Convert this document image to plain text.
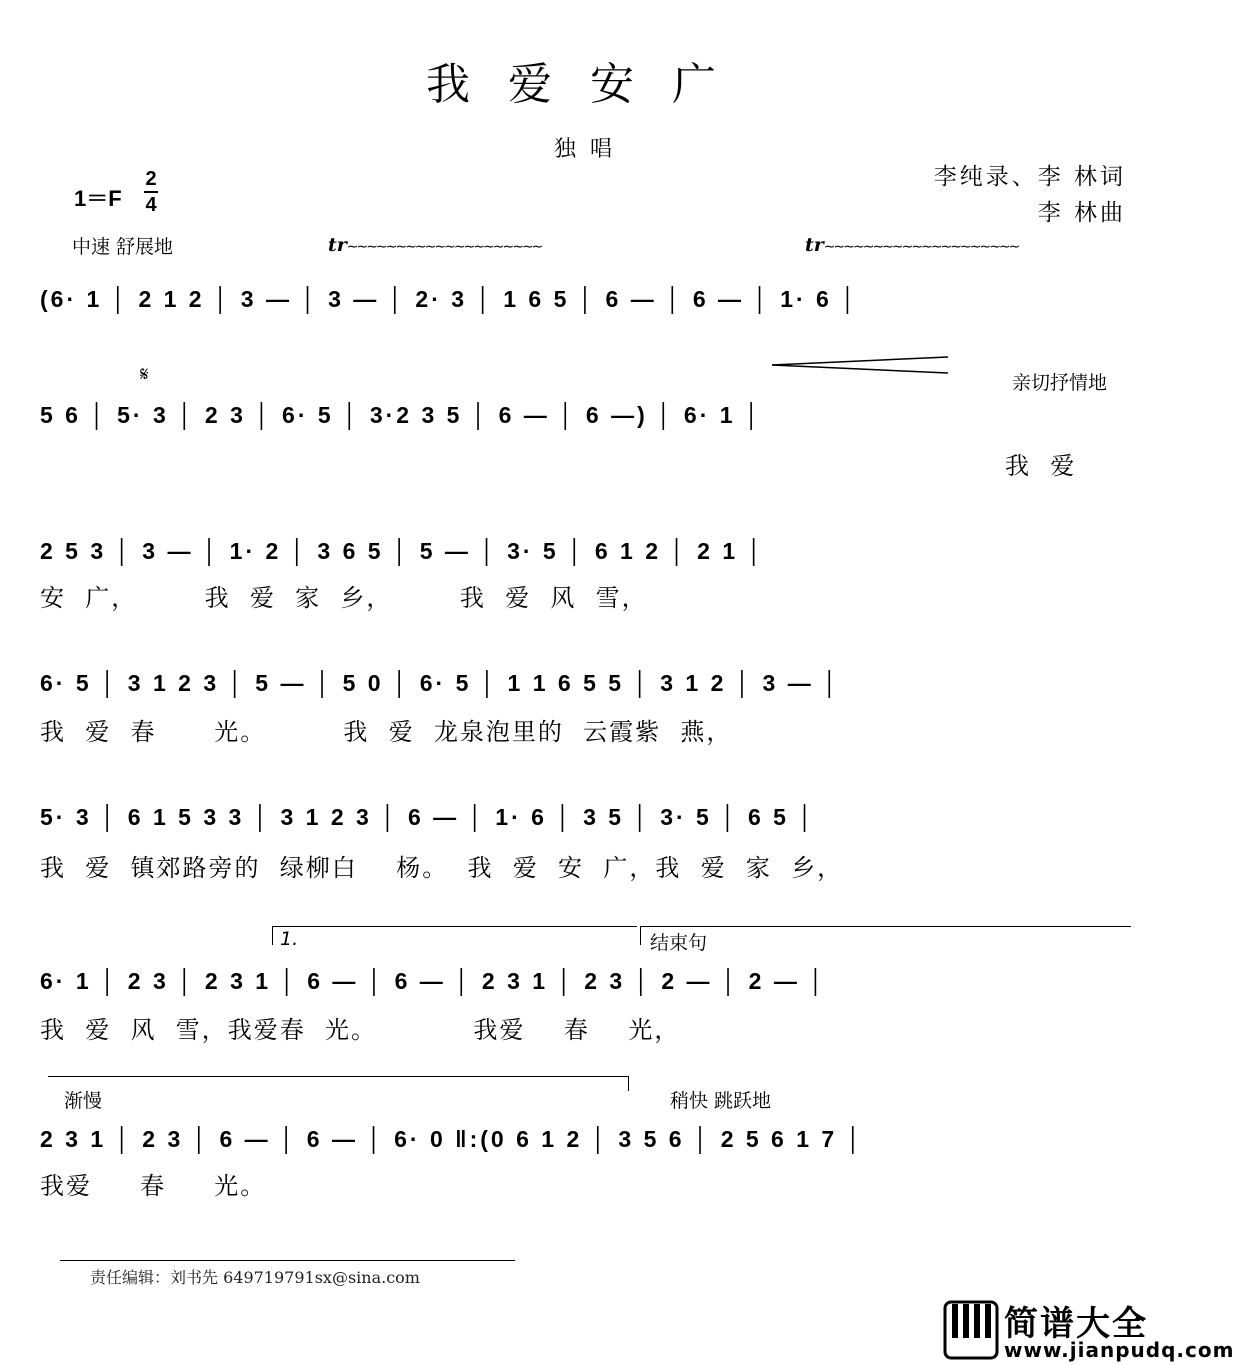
我爱安广
独唱
李纯录、李 林词
李 林曲
1＝F
2
4
中速 舒展地	tr∼∼∼∼∼∼∼∼∼∼∼∼∼∼∼∼∼∼∼∼	tr∼∼∼∼∼∼∼∼∼∼∼∼∼∼∼∼∼∼∼∼
(6· 1 │ 2 1 2 │ 3 — │ 3 — │ 2· 3 │ 1 6 5 │ 6 — │ 6 — │ 1· 6 │
𝄋	亲切抒情地
5 6 │ 5· 3 │ 2 3 │ 6· 5 │ 3·2 3 5 │ 6 — │ 6 —) │ 6· 1 │
我  爱
2 5 3 │ 3 — │ 1· 2 │ 3 6 5 │ 5 — │ 3· 5 │ 6 1 2 │ 2 1 │
安  广，       我  爱  家  乡，       我  爱  风  雪，
6· 5 │ 3 1 2 3 │ 5 — │ 5 0 │ 6· 5 │ 1 1 6 5 5 │ 3 1 2 │ 3 — │
我  爱  春      光。        我  爱  龙泉泡里的  云霞紫  燕，
5· 3 │ 6 1 5 3 3 │ 3 1 2 3 │ 6 — │ 1· 6 │ 3 5 │ 3· 5 │ 6 5 │
我  爱  镇郊路旁的  绿柳白    杨。  我  爱  安  广，我  爱  家  乡，
1.	结束句
6· 1 │ 2 3 │ 2 3 1 │ 6 — │ 6 — │ 2 3 1 │ 2 3 │ 2 — │ 2 — │
我  爱  风  雪，我爱春  光。          我爱    春    光，
渐慢	稍快 跳跃地
2 3 1 │ 2 3 │ 6 — │ 6 — │ 6· 0 ‖:(0 6 1 2 │ 3 5 6 │ 2 5 6 1 7 │
我爱     春     光。
责任编辑：刘书先 649719791sx@sina.com
简谱大全
www.jianpudq.com
